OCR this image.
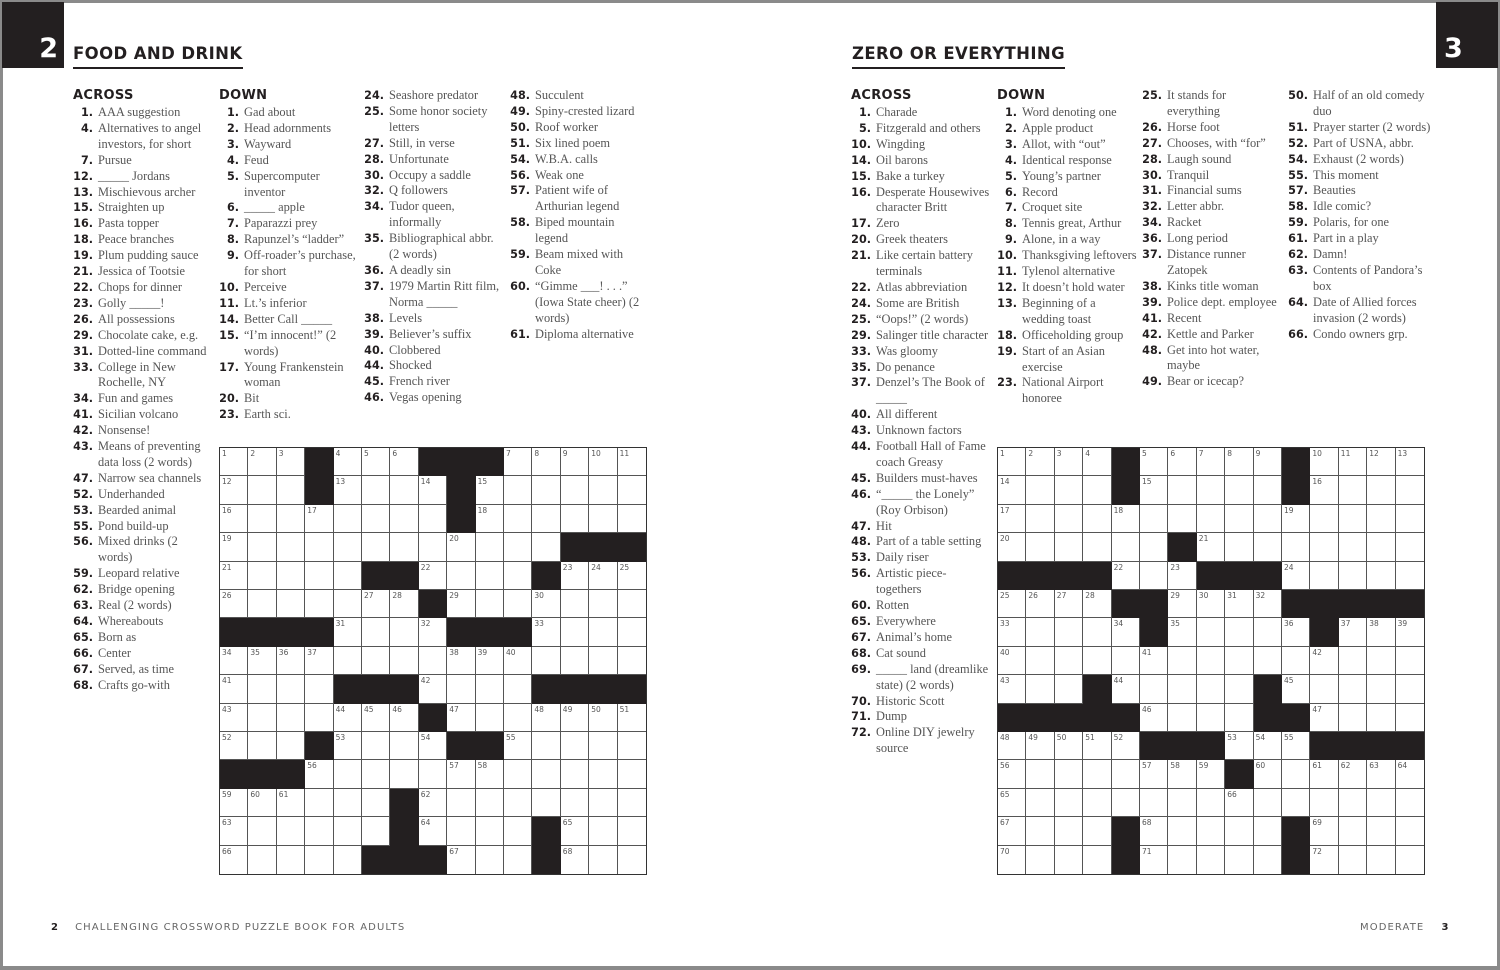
2 FOOD AND DRINK
ACROSS
1. AAA suggestion
4. Alternatives to angel investors, for short
7. Pursue
12. _____ Jordans
13. Mischievous archer
15. Straighten up
16. Pasta topper
18. Peace branches
19. Plum pudding sauce
21. Jessica of Tootsie
22. Chops for dinner
23. Golly _____!
26. All possessions
29. Chocolate cake, e.g.
31. Dotted-line command
33. College in New Rochelle, NY
34. Fun and games
41. Sicilian volcano
42. Nonsense!
43. Means of preventing data loss (2 words)
47. Narrow sea channels
52. Underhanded
53. Bearded animal
55. Pond build-up
56. Mixed drinks (2 words)
59. Leopard relative
62. Bridge opening
63. Real (2 words)
64. Whereabouts
65. Born as
66. Center
67. Served, as time
68. Crafts go-with
DOWN
1. Gad about
2. Head adornments
3. Wayward
4. Feud
5. Supercomputer inventor
6. _____ apple
7. Paparazzi prey
8. Rapunzel’s “ladder”
9. Off-roader’s purchase, for short
10. Perceive
11. Lt.’s inferior
14. Better Call _____
15. “I’m innocent!” (2 words)
17. Young Frankenstein woman
20. Bit
23. Earth sci.
24. Seashore predator
25. Some honor society letters
27. Still, in verse
28. Unfortunate
30. Occupy a saddle
32. Q followers
34. Tudor queen, informally
35. Bibliographical abbr. (2 words)
36. A deadly sin
37. 1979 Martin Ritt film, Norma _____
38. Levels
39. Believer’s suffix
40. Clobbered
44. Shocked
45. French river
46. Vegas opening
48. Succulent
49. Spiny-crested lizard
50. Roof worker
51. Six lined poem
54. W.B.A. calls
56. Weak one
57. Patient wife of Arthurian legend
58. Biped mountain legend
59. Beam mixed with Coke
60. “Gimme ___! . . .” (Iowa State cheer) (2 words)
61. Diploma alternative
1	2	3	4	5	6	7	8	9	10	11
12	13	14	15
16	17	18
19	20
21	22	23	24	25
26	27	28	29	30
31	32	33
34	35	36	37	38	39	40
41	42
43	44	45	46	47	48	49	50	51
52	53	54	55
56	57	58
59	60	61	62
63	64	65
66	67	68
2 CHALLENGING CROSSWORD PUZZLE BOOK FOR ADULTS
3
ZERO OR EVERYTHING
ACROSS
1. Charade
5. Fitzgerald and others
10. Wingding
14. Oil barons
15. Bake a turkey
16. Desperate Housewives character Britt
17. Zero
20. Greek theaters
21. Like certain battery terminals
22. Atlas abbreviation
24. Some are British
25. “Oops!” (2 words)
29. Salinger title character
33. Was gloomy
35. Do penance
37. Denzel’s The Book of _____
40. All different
43. Unknown factors
44. Football Hall of Fame coach Greasy
45. Builders must-haves
46. “_____ the Lonely” (Roy Orbison)
47. Hit
48. Part of a table setting
53. Daily riser
56. Artistic piece-togethers
60. Rotten
65. Everywhere
67. Animal’s home
68. Cat sound
69. _____ land (dreamlike state) (2 words)
70. Historic Scott
71. Dump
72. Online DIY jewelry source
DOWN
1. Word denoting one
2. Apple product
3. Allot, with “out”
4. Identical response
5. Young’s partner
6. Record
7. Croquet site
8. Tennis great, Arthur
9. Alone, in a way
10. Thanksgiving leftovers
11. Tylenol alternative
12. It doesn’t hold water
13. Beginning of a wedding toast
18. Officeholding group
19. Start of an Asian exercise
23. National Airport honoree
25. It stands for everything
26. Horse foot
27. Chooses, with “for”
28. Laugh sound
30. Tranquil
31. Financial sums
32. Letter abbr.
34. Racket
36. Long period
37. Distance runner Zatopek
38. Kinks title woman
39. Police dept. employee
41. Recent
42. Kettle and Parker
48. Get into hot water, maybe
49. Bear or icecap?
50. Half of an old comedy duo
51. Prayer starter (2 words)
52. Part of USNA, abbr.
54. Exhaust (2 words)
55. This moment
57. Beauties
58. Idle comic?
59. Polaris, for one
61. Part in a play
62. Damn!
63. Contents of Pandora’s box
64. Date of Allied forces invasion (2 words)
66. Condo owners grp.
1	2	3	4	5	6	7	8	9	10	11	12	13
14	15	16
17	18	19
20	21
22	23	24
25	26	27	28	29	30	31	32
33	34	35	36	37	38	39
40	41	42
43	44	45
46	47
48	49	50	51	52	53	54	55
56	57	58	59	60	61	62	63	64
65	66
67	68	69
70	71	72
MODERATE 3
